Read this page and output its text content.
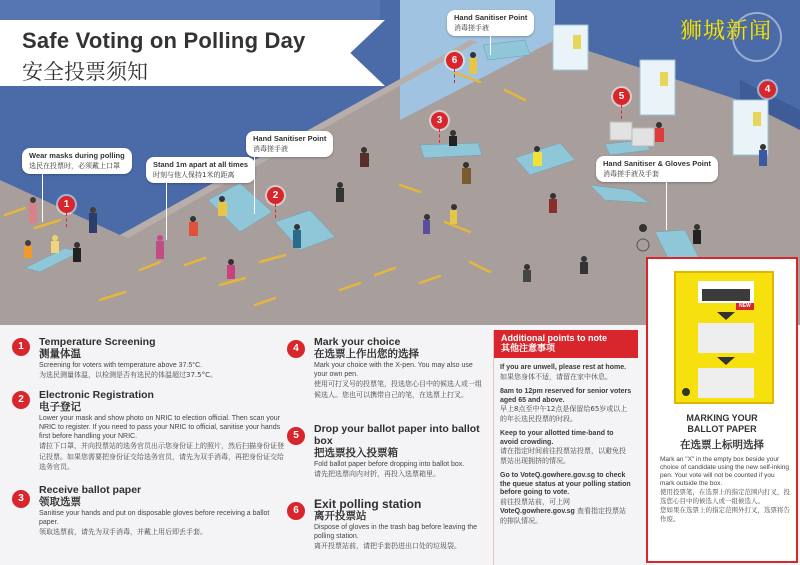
Safe Voting on Polling Day
安全投票须知
狮城新闻
Wear masks during polling
选民在投票时，必须戴上口罩	Stand 1m apart at all times
时刻与他人保持1米的距离
Hand Sanitiser Point
消毒搓手液
Hand Sanitiser Point
消毒搓手液
Hand Sanitiser & Gloves Point
消毒搓手液及手套
1
2
3
4
5
6
1	Temperature Screening
测量体温
Screening for voters with temperature above 37.5°C.
为选民测量体温，以检测是否有选民的体温超过37.5°C。
2	Electronic Registration
电子登记
Lower your mask and show photo on NRIC to election official. Then scan your NRIC to register. If you need to pass your NRIC to official, sanitise your hands first before handling your NRIC.
请拉下口罩，并向投票站的选务官员出示您身份证上的照片，然后扫描身份证登记投票。如果您需要把身份证交给选务官员，请先为双手消毒，再把身份证交给选务官员。
3
Receive ballot paper
领取选票
Sanitise your hands and put on disposable gloves before receiving a ballot paper.
领取选票前，请先为双手消毒，并戴上用后即丢手套。
4
Mark your choice
在选票上作出您的选择
Mark your choice with the X-pen. You may also use your own pen.
使用可打叉号的投票笔，投选您心目中的候选人或一组候选人。您也可以携带自己的笔，在选票上打叉。
5
Drop your ballot paper into ballot box
把选票投入投票箱
Fold ballot paper before dropping into ballot box.
请先把选票向内对折，再投入选票箱里。
6	Exit polling station
离开投票站
Dispose of gloves in the trash bag before leaving the polling station.
离开投票站前，请把手套扔进出口处的垃圾袋。
Additional points to note
其他注意事项
If you are unwell, please rest at home.
如果您身体不适，请留在家中休息。
8am to 12pm reserved for senior voters aged 65 and above.
早上8点至中午12点是保留给65岁或以上的年长选民投票的时段。
Keep to your allotted time-band to avoid crowding.
请在指定时间前往投票站投票，以避免投票站出现拥挤的情况。
Go to VoteQ.gowhere.gov.sg to check the queue status at your polling station before going to vote.
前往投票站前，可上网 VoteQ.gowhere.gov.sg 查看指定投票站的排队情况。
NEW
MARKING YOUR
BALLOT PAPER
在选票上标明选择
Mark an "X" in the empty box beside your choice of candidate using the new self-inking pen. Your vote will not be counted if you mark outside the box.
使用投票笔，在选票上的指定范围内打叉，投选您心目中的候选人或一组候选人。
您如果在选票上的指定范围外打叉，选票将告作废。
